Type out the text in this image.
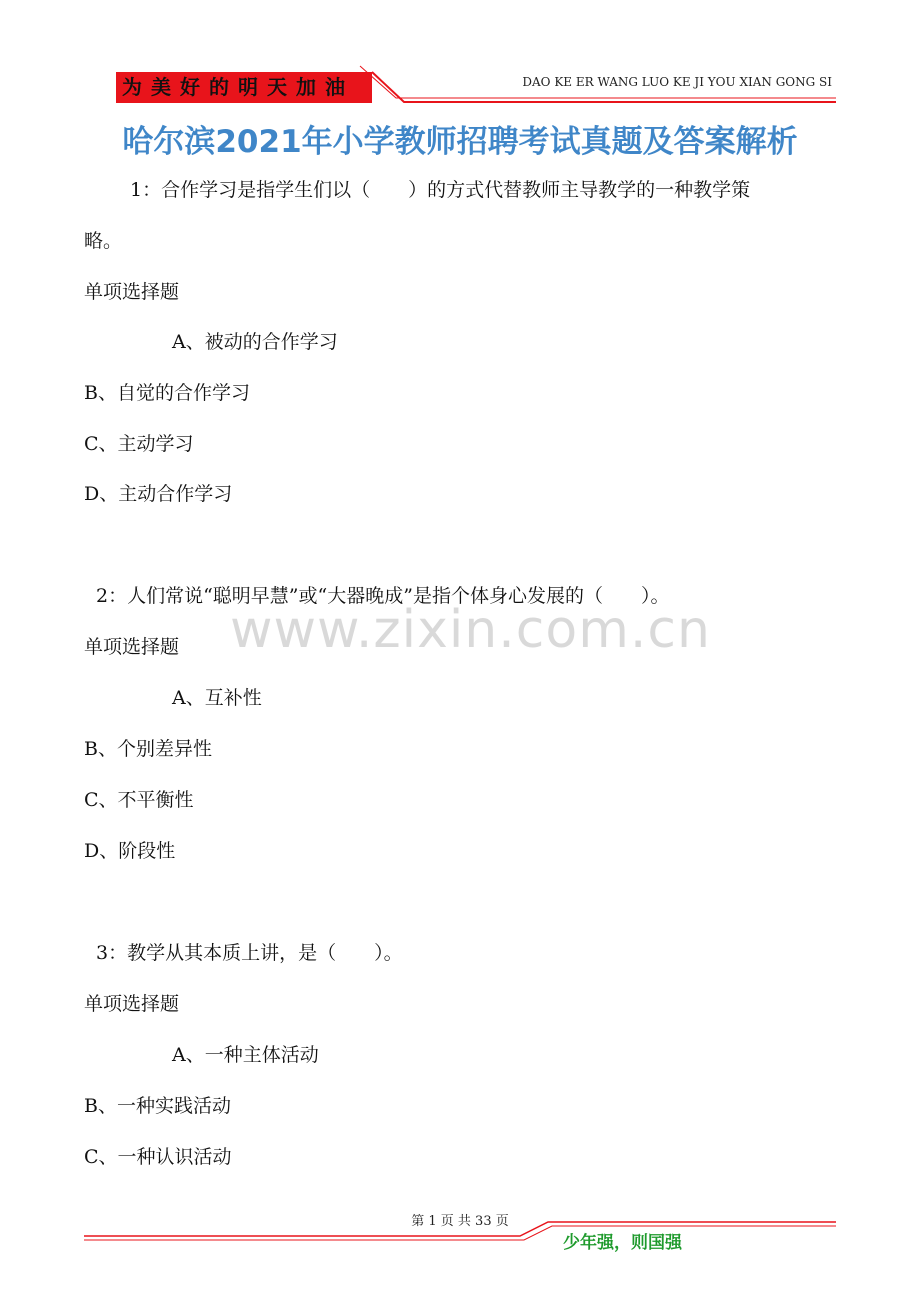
为美好的明天加油	DAO KE ER WANG LUO KE JI YOU XIAN GONG SI
哈尔滨2021年小学教师招聘考试真题及答案解析
1：合作学习是指学生们以（　　）的方式代替教师主导教学的一种教学策
略。
单项选择题
A、被动的合作学习
B、自觉的合作学习
C、主动学习
D、主动合作学习
2：人们常说“聪明早慧”或“大器晚成”是指个体身心发展的（　　）。
单项选择题
A、互补性
B、个别差异性
C、不平衡性
D、阶段性
3：教学从其本质上讲，是（　　）。
单项选择题
A、一种主体活动
B、一种实践活动
C、一种认识活动
www.zixin.com.cn
第 1 页 共 33 页
少年强，则国强
